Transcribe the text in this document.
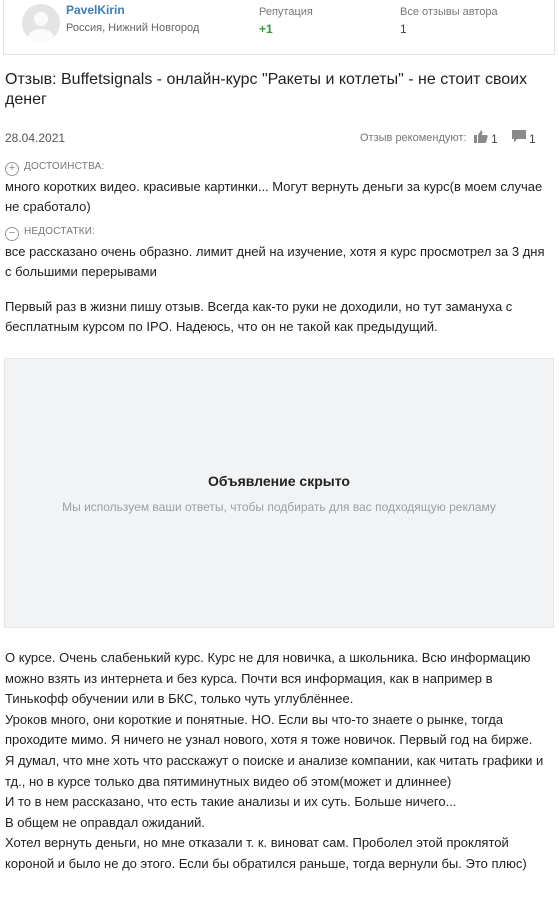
PavelKirin
Россия, Нижний Новгород
Репутация
+1
Все отзывы автора
1
Отзыв: Buffetsignals - онлайн-курс "Ракеты и котлеты" - не стоит своих денег
28.04.2021	Отзыв рекомендуют: 1	1
+ ДОСТОИНСТВА:
много коротких видео. красивые картинки... Могут вернуть деньги за курс(в моем случае не сработало)
− НЕДОСТАТКИ:
все рассказано очень образно. лимит дней на изучение, хотя я курс просмотрел за 3 дня с большими перерывами
Первый раз в жизни пишу отзыв. Всегда как-то руки не доходили, но тут замануха с бесплатным курсом по IPO. Надеюсь, что он не такой как предыдущий.
Объявление скрыто
Мы используем ваши ответы, чтобы подбирать для вас подходящую рекламу

О курсе. Очень слабенький курс. Курс не для новичка, а школьника. Всю информацию можно взять из интернета и без курса. Почти вся информация, как в например в Тинькофф обучении или в БКС, только чуть углублённее.

Уроков много, они короткие и понятные. НО. Если вы что-то знаете о рынке, тогда проходите мимо. Я ничего не узнал нового, хотя я тоже новичок. Первый год на бирже.

Я думал, что мне хоть что расскажут о поиске и анализе компании, как читать графики и тд., но в курсе только два пятиминутных видео об этом(может и длиннее)

И то в нем рассказано, что есть такие анализы и их суть. Больше ничего...

В общем не оправдал ожиданий.

Хотел вернуть деньги, но мне отказали т. к. виноват сам. Проболел этой проклятой короной и было не до этого. Если бы обратился раньше, тогда вернули бы. Это плюс)
